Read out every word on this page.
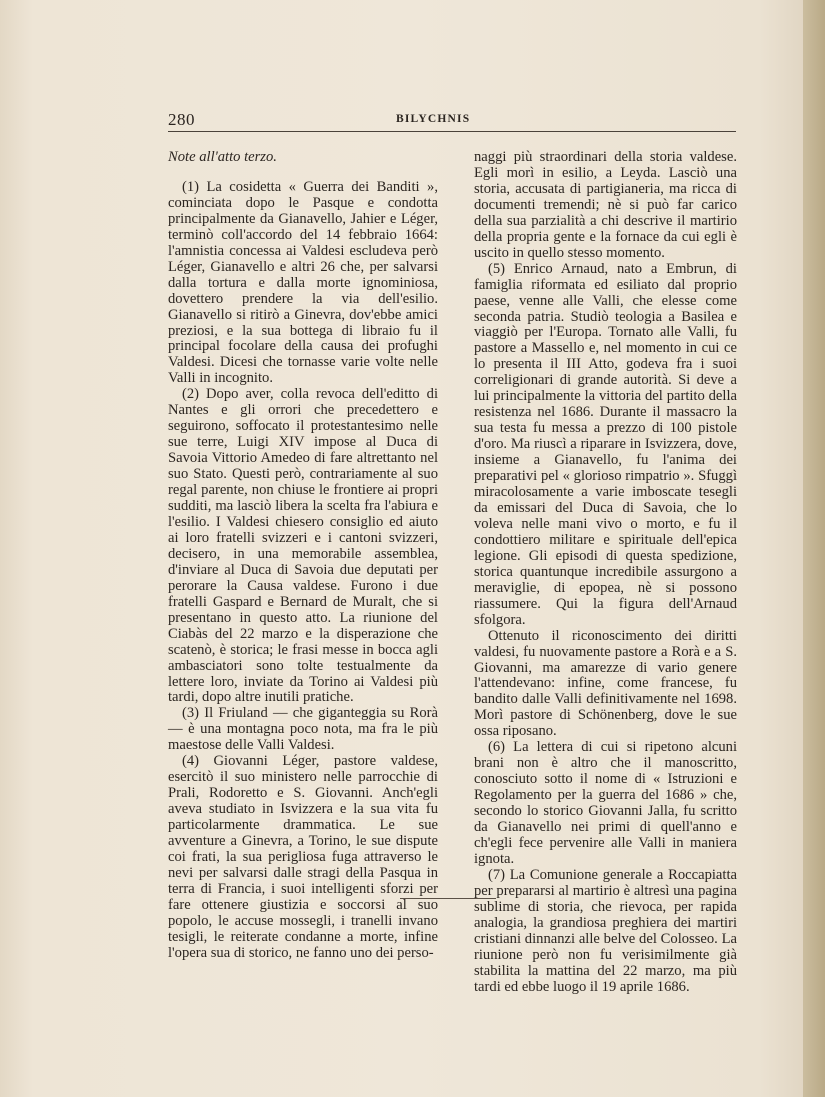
280	BILYCHNIS

Note all'atto terzo.

(1) La cosidetta « Guerra dei Banditi », cominciata dopo le Pasque e condotta principalmente da Gianavello, Jahier e Léger, terminò coll'accordo del 14 febbraio 1664: l'amnistia concessa ai Valdesi escludeva però Léger, Gianavello e altri 26 che, per salvarsi dalla tortura e dalla morte ignominiosa, dovettero prendere la via dell'esilio. Gianavello si ritirò a Ginevra, dov'ebbe amici preziosi, e la sua bottega di libraio fu il principal focolare della causa dei profughi Valdesi. Dicesi che tornasse varie volte nelle Valli in incognito.

(2) Dopo aver, colla revoca dell'editto di Nantes e gli orrori che precedettero e seguirono, soffocato il protestantesimo nelle sue terre, Luigi XIV impose al Duca di Savoia Vittorio Amedeo di fare altrettanto nel suo Stato. Questi però, contrariamente al suo regal parente, non chiuse le frontiere ai propri sudditi, ma lasciò libera la scelta fra l'abiura e l'esilio. I Valdesi chiesero consiglio ed aiuto ai loro fratelli svizzeri e i cantoni svizzeri, decisero, in una memorabile assemblea, d'inviare al Duca di Savoia due deputati per perorare la Causa valdese. Furono i due fratelli Gaspard e Bernard de Muralt, che si presentano in questo atto. La riunione del Ciabàs del 22 marzo e la disperazione che scatenò, è storica; le frasi messe in bocca agli ambasciatori sono tolte testualmente da lettere loro, inviate da Torino ai Valdesi più tardi, dopo altre inutili pratiche.

(3) Il Friuland — che giganteggia su Rorà — è una montagna poco nota, ma fra le più maestose delle Valli Valdesi.

(4) Giovanni Léger, pastore valdese, esercitò il suo ministero nelle parrocchie di Prali, Rodoretto e S. Giovanni. Anch'egli aveva studiato in Isvizzera e la sua vita fu particolarmente drammatica. Le sue avventure a Ginevra, a Torino, le sue dispute coi frati, la sua perigliosa fuga attraverso le nevi per salvarsi dalle stragi della Pasqua in terra di Francia, i suoi intelligenti sforzi per fare ottenere giustizia e soccorsi al suo popolo, le accuse mossegli, i tranelli invano tesigli, le reiterate condanne a morte, infine l'opera sua di storico, ne fanno uno dei perso-

naggi più straordinari della storia valdese. Egli morì in esilio, a Leyda. Lasciò una storia, accusata di partigianeria, ma ricca di documenti tremendi; nè si può far carico della sua parzialità a chi descrive il martirio della propria gente e la fornace da cui egli è uscito in quello stesso momento.

(5) Enrico Arnaud, nato a Embrun, di famiglia riformata ed esiliato dal proprio paese, venne alle Valli, che elesse come seconda patria. Studiò teologia a Basilea e viaggiò per l'Europa. Tornato alle Valli, fu pastore a Massello e, nel momento in cui ce lo presenta il III Atto, godeva fra i suoi correligionari di grande autorità. Si deve a lui principalmente la vittoria del partito della resistenza nel 1686. Durante il massacro la sua testa fu messa a prezzo di 100 pistole d'oro. Ma riuscì a riparare in Isvizzera, dove, insieme a Gianavello, fu l'anima dei preparativi pel « glorioso rimpatrio ». Sfuggì miracolosamente a varie imboscate tesegli da emissari del Duca di Savoia, che lo voleva nelle mani vivo o morto, e fu il condottiero militare e spirituale dell'epica legione. Gli episodi di questa spedizione, storica quantunque incredibile assurgono a meraviglie, di epopea, nè si possono riassumere. Qui la figura dell'Arnaud sfolgora.

Ottenuto il riconoscimento dei diritti valdesi, fu nuovamente pastore a Rorà e a S. Giovanni, ma amarezze di vario genere l'attendevano: infine, come francese, fu bandito dalle Valli definitivamente nel 1698. Morì pastore di Schönenberg, dove le sue ossa riposano.

(6) La lettera di cui si ripetono alcuni brani non è altro che il manoscritto, conosciuto sotto il nome di « Istruzioni e Regolamento per la guerra del 1686 » che, secondo lo storico Giovanni Jalla, fu scritto da Gianavello nei primi di quell'anno e ch'egli fece pervenire alle Valli in maniera ignota.

(7) La Comunione generale a Roccapiatta per prepararsi al martirio è altresì una pagina sublime di storia, che rievoca, per rapida analogia, la grandiosa preghiera dei martiri cristiani dinnanzi alle belve del Colosseo. La riunione però non fu verisimilmente già stabilita la mattina del 22 marzo, ma più tardi ed ebbe luogo il 19 aprile 1686.
